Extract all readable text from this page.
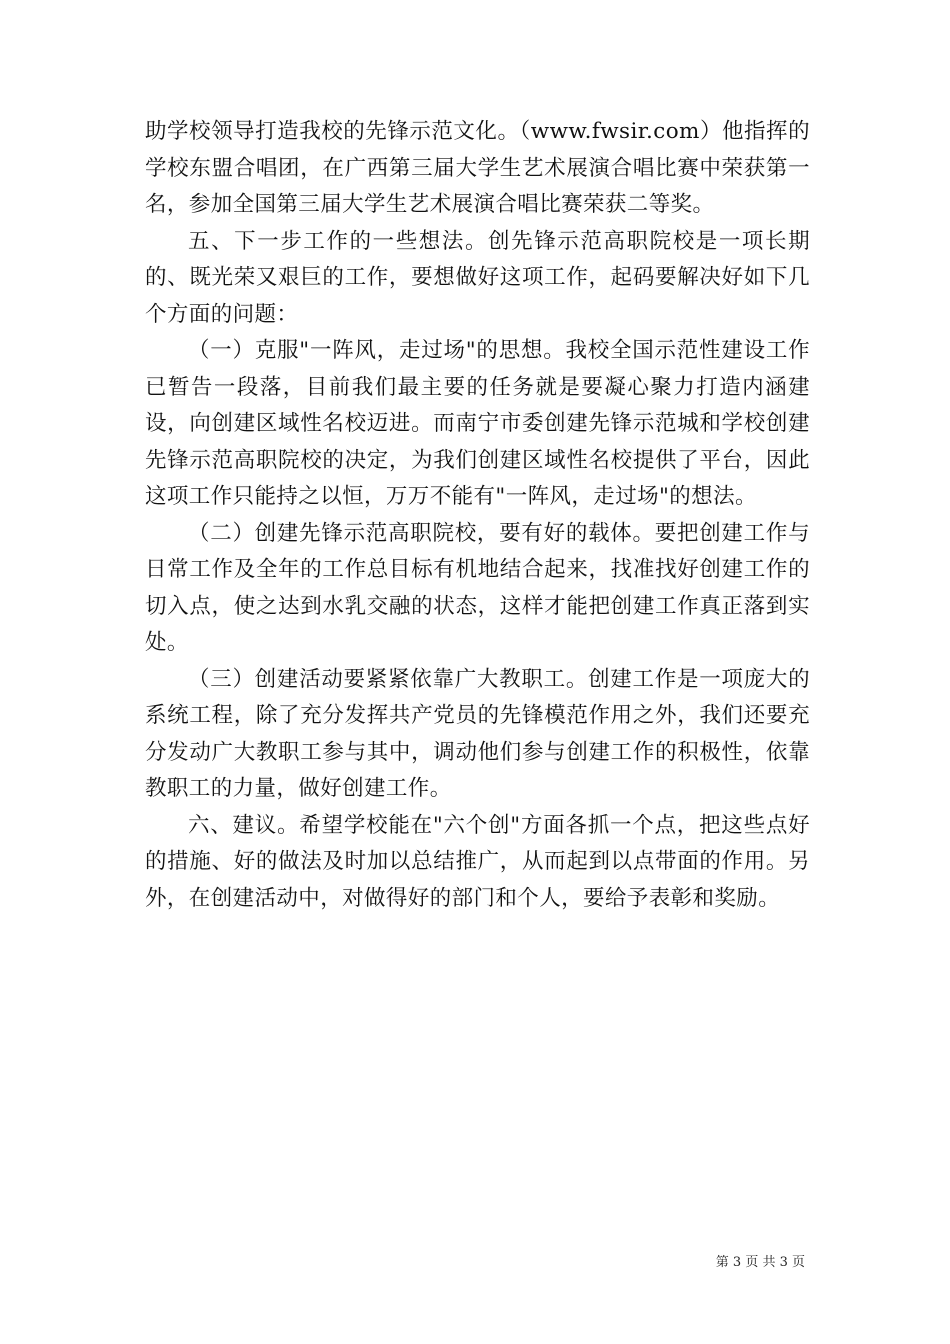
助学校领导打造我校的先锋示范文化。（www.fwsir.com）他指挥的学校东盟合唱团，在广西第三届大学生艺术展演合唱比赛中荣获第一名，参加全国第三届大学生艺术展演合唱比赛荣获二等奖。

五、下一步工作的一些想法。创先锋示范高职院校是一项长期的、既光荣又艰巨的工作，要想做好这项工作，起码要解决好如下几个方面的问题：

（一）克服"一阵风，走过场"的思想。我校全国示范性建设工作已暂告一段落，目前我们最主要的任务就是要凝心聚力打造内涵建设，向创建区域性名校迈进。而南宁市委创建先锋示范城和学校创建先锋示范高职院校的决定，为我们创建区域性名校提供了平台，因此这项工作只能持之以恒，万万不能有"一阵风，走过场"的想法。

（二）创建先锋示范高职院校，要有好的载体。要把创建工作与日常工作及全年的工作总目标有机地结合起来，找准找好创建工作的切入点，使之达到水乳交融的状态，这样才能把创建工作真正落到实处。

（三）创建活动要紧紧依靠广大教职工。创建工作是一项庞大的系统工程，除了充分发挥共产党员的先锋模范作用之外，我们还要充分发动广大教职工参与其中，调动他们参与创建工作的积极性，依靠教职工的力量，做好创建工作。

六、建议。希望学校能在"六个创"方面各抓一个点，把这些点好的措施、好的做法及时加以总结推广，从而起到以点带面的作用。另外，在创建活动中，对做得好的部门和个人，要给予表彰和奖励。

第 3 页 共 3 页
